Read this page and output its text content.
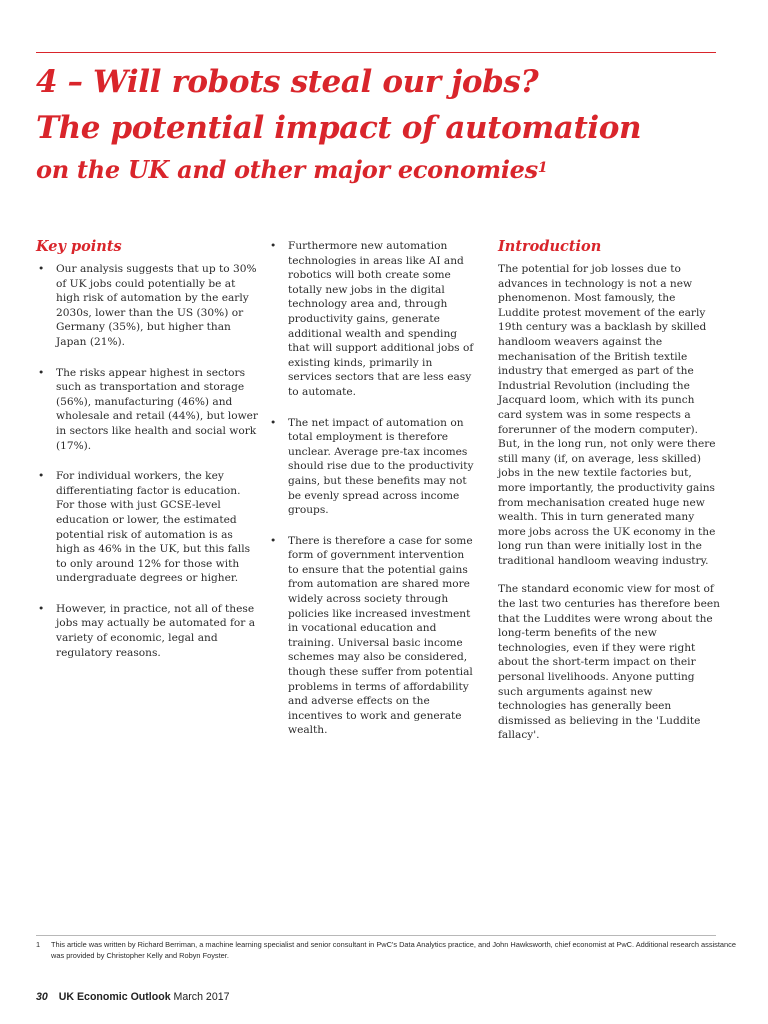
4 – Will robots steal our jobs?
The potential impact of automation
on the UK and other major economies$^1$
Key points
• Our analysis suggests that up to 30% of UK jobs could potentially be at high risk of automation by the early 2030s, lower than the US (30%) or Germany (35%), but higher than Japan (21%).
• The risks appear highest in sectors such as transportation and storage (56%), manufacturing (46%) and wholesale and retail (44%), but lower in sectors like health and social work (17%).
• For individual workers, the key differentiating factor is education. For those with just GCSE-level education or lower, the estimated potential risk of automation is as high as 46% in the UK, but this falls to only around 12% for those with undergraduate degrees or higher.
• However, in practice, not all of these jobs may actually be automated for a variety of economic, legal and regulatory reasons.
• Furthermore new automation technologies in areas like AI and robotics will both create some totally new jobs in the digital technology area and, through productivity gains, generate additional wealth and spending that will support additional jobs of existing kinds, primarily in services sectors that are less easy to automate.
• The net impact of automation on total employment is therefore unclear. Average pre-tax incomes should rise due to the productivity gains, but these benefits may not be evenly spread across income groups.
• There is therefore a case for some form of government intervention to ensure that the potential gains from automation are shared more widely across society through policies like increased investment in vocational education and training. Universal basic income schemes may also be considered, though these suffer from potential problems in terms of affordability and adverse effects on the incentives to work and generate wealth.
Introduction

The potential for job losses due to advances in technology is not a new phenomenon. Most famously, the Luddite protest movement of the early 19th century was a backlash by skilled handloom weavers against the mechanisation of the British textile industry that emerged as part of the Industrial Revolution (including the Jacquard loom, which with its punch card system was in some respects a forerunner of the modern computer). But, in the long run, not only were there still many (if, on average, less skilled) jobs in the new textile factories but, more importantly, the productivity gains from mechanisation created huge new wealth. This in turn generated many more jobs across the UK economy in the long run than were initially lost in the traditional handloom weaving industry.

The standard economic view for most of the last two centuries has therefore been that the Luddites were wrong about the long-term benefits of the new technologies, even if they were right about the short-term impact on their personal livelihoods. Anyone putting such arguments against new technologies has generally been dismissed as believing in the 'Luddite fallacy'.

1 This article was written by Richard Berriman, a machine learning specialist and senior consultant in PwC's Data Analytics practice, and John Hawksworth, chief economist at PwC. Additional research assistance was provided by Christopher Kelly and Robyn Foyster.
30 UK Economic Outlook March 2017
